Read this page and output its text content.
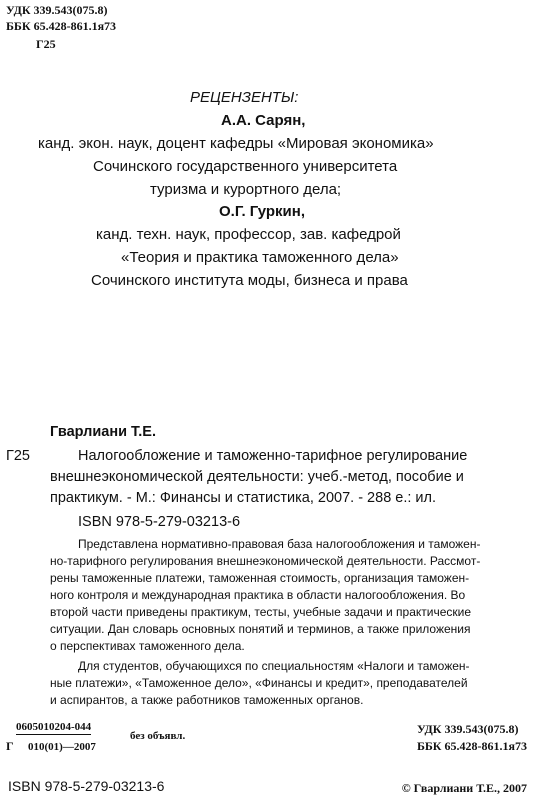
УДК 339.543(075.8)
ББК 65.428-861.1я73
Г25
РЕЦЕНЗЕНТЫ:
А.А. Сарян,
канд. экон. наук, доцент кафедры «Мировая экономика»
Сочинского государственного университета
туризма и курортного дела;
О.Г. Гуркин,
канд. техн. наук, профессор, зав. кафедрой
«Теория и практика таможенного дела»
Сочинского института моды, бизнеса и права
Гварлиани Т.Е.
Г25	Налогообложение и таможенно-тарифное регулирование
внешнеэкономической деятельности: учеб.-метод, пособие и
практикум. - М.: Финансы и статистика, 2007. - 288 е.: ил.
ISBN 978-5-279-03213-6
Представлена нормативно-правовая база налогообложения и таможен-
но-тарифного регулирования внешнеэкономической деятельности. Рассмот-
рены таможенные платежи, таможенная стоимость, организация таможен-
ного контроля и международная практика в области налогообложения. Во
второй части приведены практикум, тесты, учебные задачи и практические
ситуации. Дан словарь основных понятий и терминов, а также приложения
о перспективах таможенного дела.
Для студентов, обучающихся по специальностям «Налоги и таможен-
ные платежи», «Таможенное дело», «Финансы и кредит», преподавателей
и аспирантов, а также работников таможенных органов.
Г
0605010204-044
010(01)—2007
без объявл.	УДК 339.543(075.8)
ББК 65.428-861.1я73
ISBN 978-5-279-03213-6	© Гварлиани Т.Е., 2007
